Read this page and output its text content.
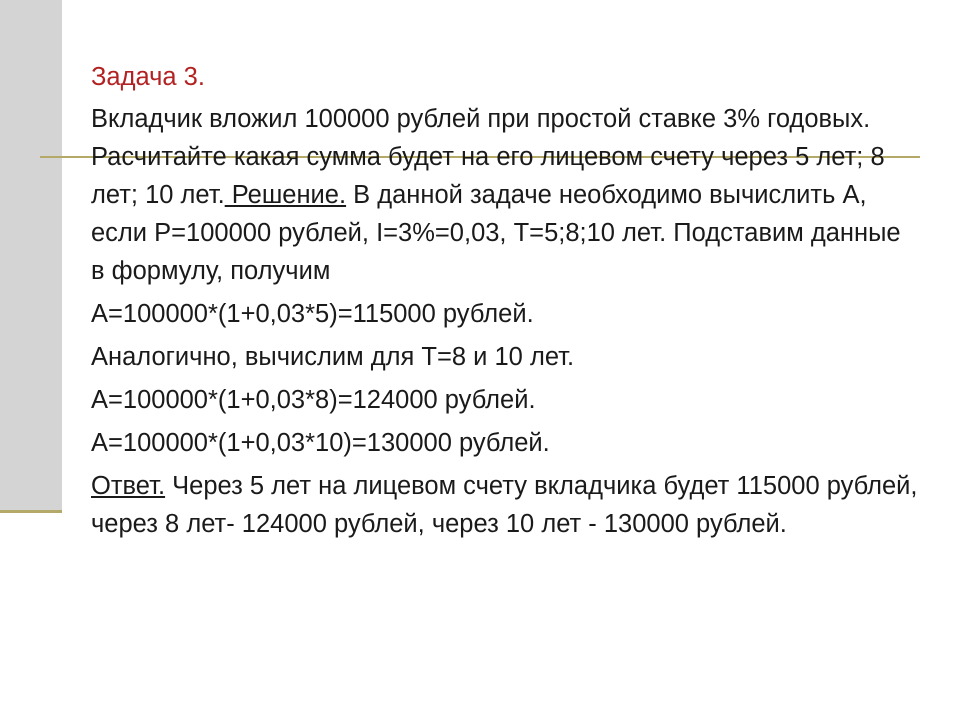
Задача 3.

Вкладчик вложил 100000 рублей при простой ставке 3% годовых. Расчитайте какая сумма будет на его лицевом счету через 5 лет; 8 лет; 10 лет. Решение. В данной задаче необходимо вычислить А, если Р=100000 рублей, I=3%=0,03, Т=5;8;10 лет. Подставим данные в формулу, получим

А=100000*(1+0,03*5)=115000 рублей.

Аналогично, вычислим для Т=8 и 10 лет.

А=100000*(1+0,03*8)=124000 рублей.

А=100000*(1+0,03*10)=130000 рублей.

Ответ. Через 5 лет на лицевом счету вкладчика будет 115000 рублей, через 8 лет- 124000 рублей, через 10 лет - 130000 рублей.
